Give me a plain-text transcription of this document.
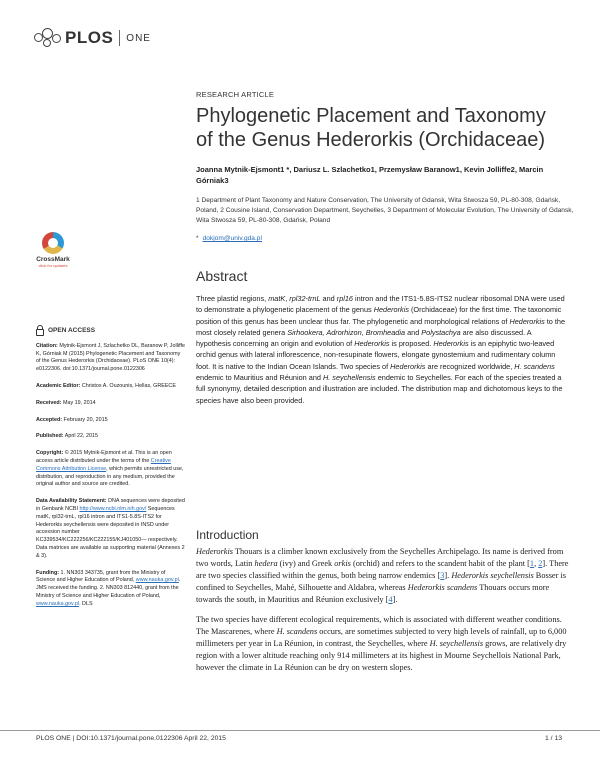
PLOS ONE
RESEARCH ARTICLE
Phylogenetic Placement and Taxonomy of the Genus Hederorkis (Orchidaceae)
Joanna Mytnik-Ejsmont1 *, Dariusz L. Szlachetko1, Przemysław Baranow1, Kevin Jolliffe2, Marcin Górniak3
1 Department of Plant Taxonomy and Nature Conservation, The University of Gdansk, Wita Stwosza 59, PL-80-308, Gdańsk, Poland, 2 Cousine Island, Conservation Department, Seychelles, 3 Department of Molecular Evolution, The University of Gdansk, Wita Stwosza 59, PL-80-308, Gdańsk, Poland
* dokjom@univ.gda.pl
CrossMark
click for updates
Abstract
Three plastid regions, matK, rpl32-trnL and rpl16 intron and the ITS1-5.8S-ITS2 nuclear ribosomal DNA were used to demonstrate a phylogenetic placement of the genus Hederorkis (Orchidaceae) for the first time. The taxonomic position of this genus has been unclear thus far. The phylogenetic and morphological relations of Hederorkis to the most closely related genera Sirhookera, Adrorhizon, Bromheadia and Polystachya are also discussed. A hypothesis concerning an origin and evolution of Hederorkis is proposed. Hederorkis is an epiphytic two-leaved orchid genus with lateral inflorescence, non-resupinate flowers, elongate gynostemium and rudimentary column foot. It is native to the Indian Ocean Islands. Two species of Hederorkis are recognized worldwide, H. scandens endemic to Mauritius and Réunion and H. seychellensis endemic to Seychelles. For each of the species treated a full synonymy, detailed description and illustration are included. The distribution map and dichotomous keys to the species have also been provided.
OPEN ACCESS
Citation: Mytnik-Ejsmont J, Szlachetko DL, Baranow P, Jolliffe K, Górniak M (2015) Phylogenetic Placement and Taxonomy of the Genus Hederorkis (Orchidaceae). PLoS ONE 10(4): e0122306. doi:10.1371/journal.pone.0122306
Academic Editor: Christos A. Ouzounis, Hellas, GREECE
Received: May 19, 2014
Accepted: February 20, 2015
Published: April 22, 2015
Copyright: © 2015 Mytnik-Ejsmont et al. This is an open access article distributed under the terms of the Creative Commons Attribution License, which permits unrestricted use, distribution, and reproduction in any medium, provided the original author and source are credited.
Data Availability Statement: DNA sequences were deposited in Genbank NCBI http://www.ncbi.nlm.nih.gov/ Sequences matK, rpl32-trnL, rpl16 intron and ITS1-5.8S-ITS2 for Hederorkis seychellensis were deposited in INSD under accession number KC339534/KC222256/KC222155/KJ401050— respectively. Data matrices are available as supporting material (Annexes 2 & 3).
Funding: 1. NN303 343735, grant from the Ministry of Science and Higher Education of Poland, www.nauka.gov.pl. JMS received the funding. 2. NN303 812440, grant from the Ministry of Science and Higher Education of Poland, www.nauka.gov.pl. DLS
Introduction

Hederorkis Thouars is a climber known exclusively from the Seychelles Archipelago. Its name is derived from two words, Latin hedera (ivy) and Greek orkis (orchid) and refers to the scandent habit of the plant [1, 2]. There are two species classified within the genus, both being narrow endemics [3]. Hederorkis seychellensis Bosser is confined to Seychelles, Mahé, Silhouette and Aldabra, whereas Hederorkis scandens Thouars occurs more towards the south, in Mauritius and Réunion exclusively [4].

The two species have different ecological requirements, which is associated with different weather conditions. The Mascarenes, where H. scandens occurs, are sometimes subjected to very high levels of rainfall, up to 6,000 millimeters per year in La Réunion, in contrast, the Seychelles, where H. seychellensis grows, are relatively dry region with a lower altitude reaching only 914 millimeters at its highest in Mourne Seychellois National Park, however the climate in La Réunion can be dry on western slopes.

PLOS ONE | DOI:10.1371/journal.pone.0122306 April 22, 2015	1 / 13
